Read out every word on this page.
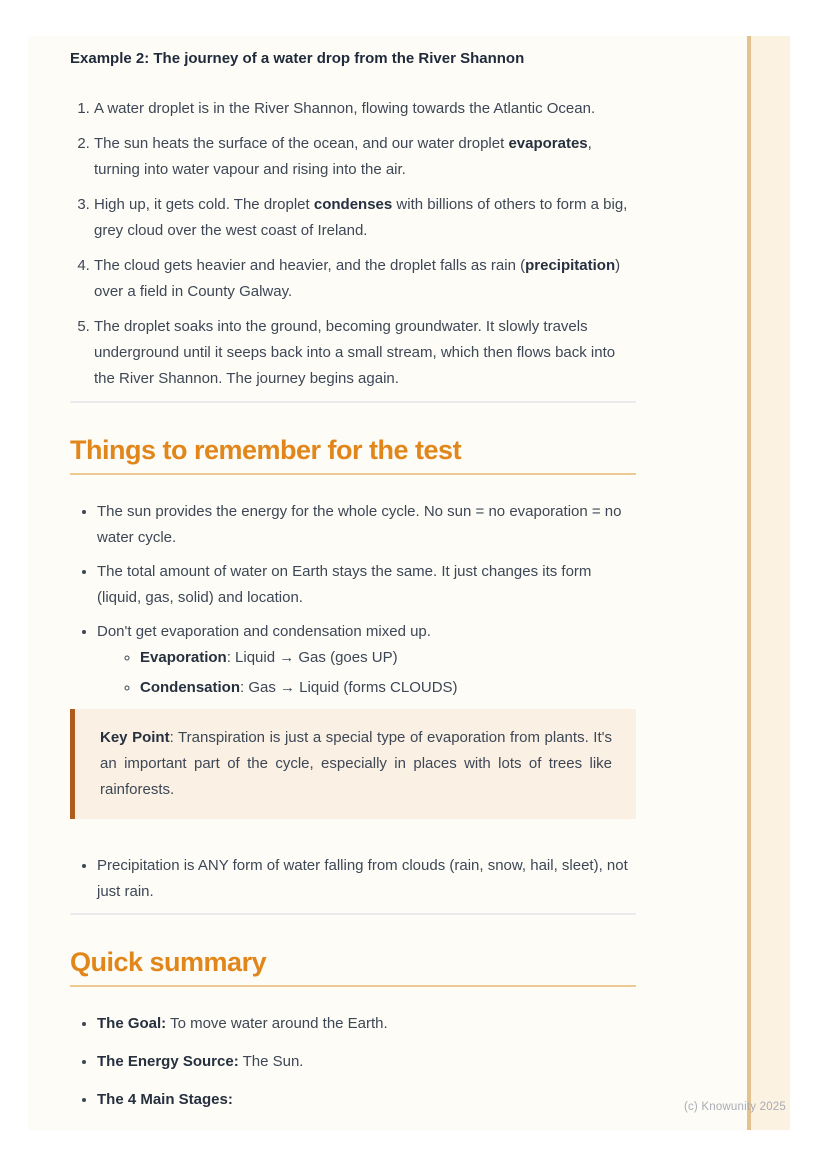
Example 2: The journey of a water drop from the River Shannon
1. A water droplet is in the River Shannon, flowing towards the Atlantic Ocean.
2. The sun heats the surface of the ocean, and our water droplet evaporates, turning into water vapour and rising into the air.
3. High up, it gets cold. The droplet condenses with billions of others to form a big, grey cloud over the west coast of Ireland.
4. The cloud gets heavier and heavier, and the droplet falls as rain (precipitation) over a field in County Galway.
5. The droplet soaks into the ground, becoming groundwater. It slowly travels underground until it seeps back into a small stream, which then flows back into the River Shannon. The journey begins again.
Things to remember for the test
• The sun provides the energy for the whole cycle. No sun = no evaporation = no water cycle.
• The total amount of water on Earth stays the same. It just changes its form (liquid, gas, solid) and location.
• Don't get evaporation and condensation mixed up.
◦ Evaporation: Liquid → Gas (goes UP)
◦ Condensation: Gas → Liquid (forms CLOUDS)
Key Point: Transpiration is just a special type of evaporation from plants. It's an important part of the cycle, especially in places with lots of trees like rainforests.
• Precipitation is ANY form of water falling from clouds (rain, snow, hail, sleet), not just rain.
Quick summary
• The Goal: To move water around the Earth.
• The Energy Source: The Sun.
• The 4 Main Stages:	(c) Knowunity 2025
